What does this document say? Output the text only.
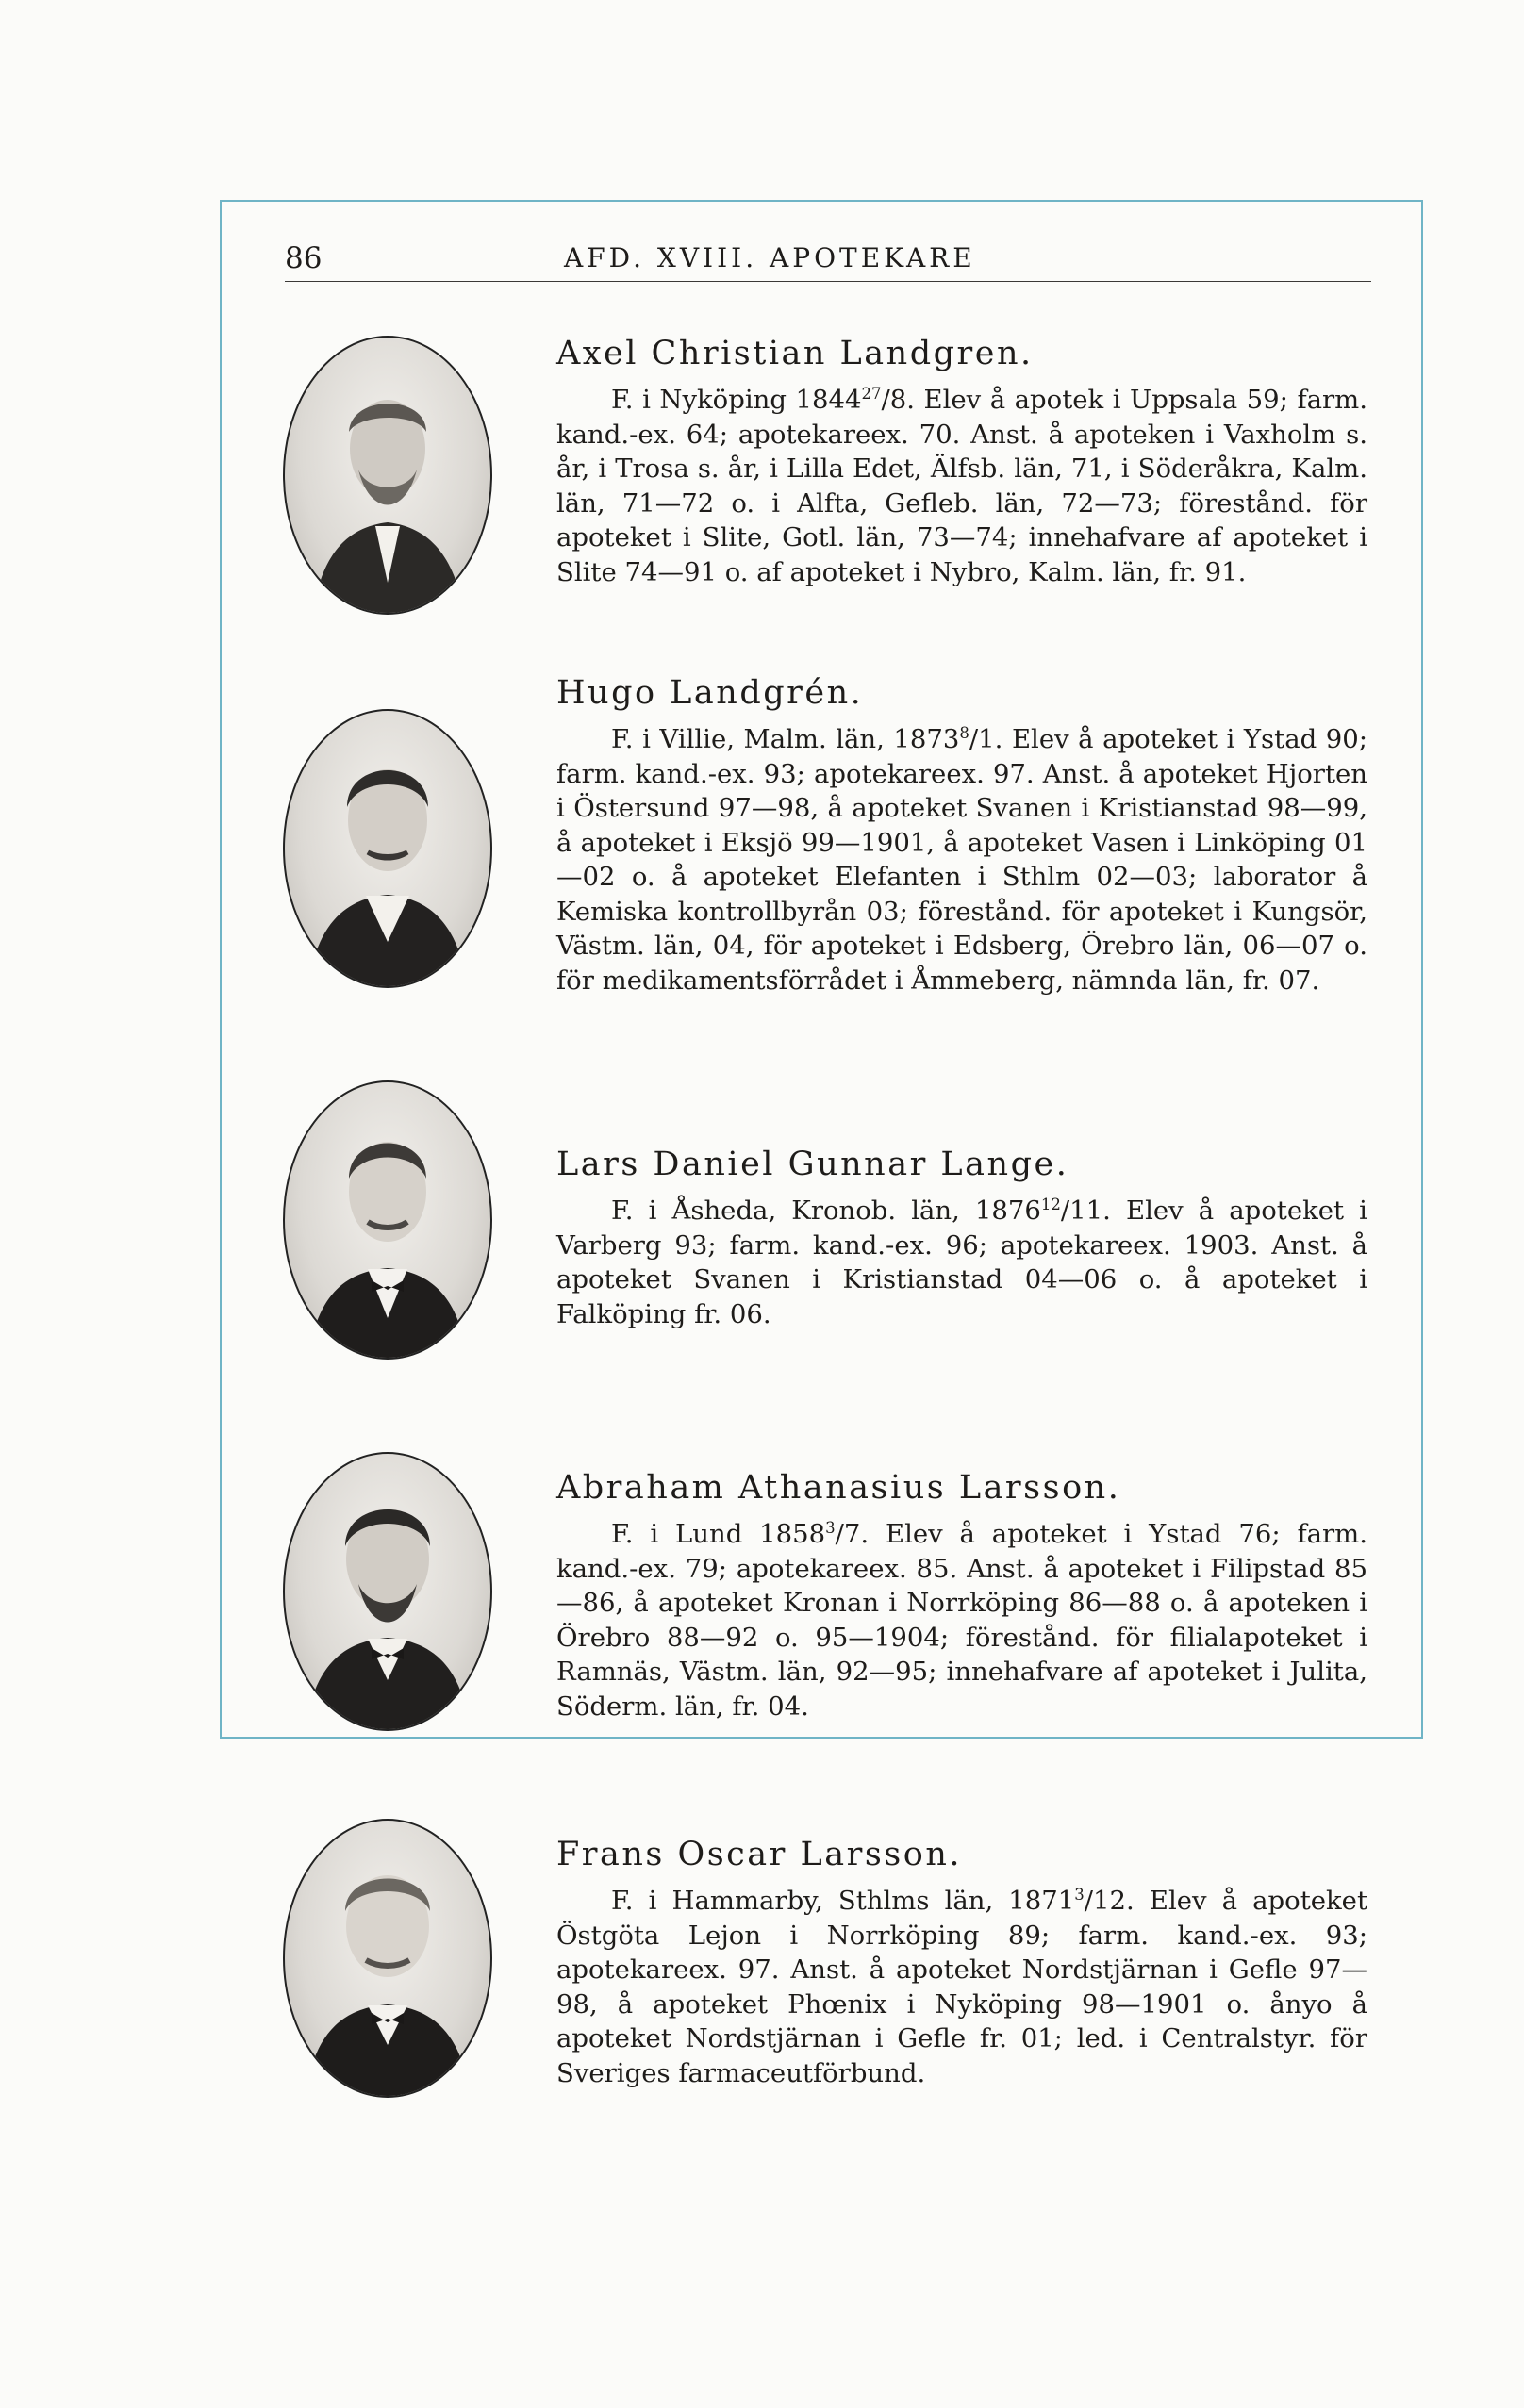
86	AFD. XVIII. APOTEKARE
Axel Christian Landgren.

F. i Nyköping 1844$^{27}$/8. Elev å apotek i Uppsala 59; farm. kand.-ex. 64; apotekareex. 70. Anst. å apoteken i Vaxholm s. år, i Trosa s. år, i Lilla Edet, Älfsb. län, 71, i Söderåkra, Kalm. län, 71—72 o. i Alfta, Gefleb. län, 72—73; förestånd. för apoteket i Slite, Gotl. län, 73—74; innehafvare af apoteket i Slite 74—91 o. af apoteket i Nybro, Kalm. län, fr. 91.

Hugo Landgrén.

F. i Villie, Malm. län, 1873$^8$/1. Elev å apoteket i Ystad 90; farm. kand.-ex. 93; apotekareex. 97. Anst. å apoteket Hjorten i Östersund 97—98, å apoteket Svanen i Kristianstad 98—99, å apoteket i Eksjö 99—1901, å apoteket Vasen i Linköping 01—02 o. å apoteket Elefanten i Sthlm 02—03; laborator å Kemiska kontrollbyrån 03; förestånd. för apoteket i Kungsör, Västm. län, 04, för apoteket i Edsberg, Örebro län, 06—07 o. för medikamentsförrådet i Åmmeberg, nämnda län, fr. 07.

Lars Daniel Gunnar Lange.

F. i Åsheda, Kronob. län, 1876$^{12}$/11. Elev å apoteket i Varberg 93; farm. kand.-ex. 96; apotekareex. 1903. Anst. å apoteket Svanen i Kristianstad 04—06 o. å apoteket i Falköping fr. 06.

Abraham Athanasius Larsson.

F. i Lund 1858$^3$/7. Elev å apoteket i Ystad 76; farm. kand.-ex. 79; apotekareex. 85. Anst. å apoteket i Filipstad 85—86, å apoteket Kronan i Norrköping 86—88 o. å apoteken i Örebro 88—92 o. 95—1904; förestånd. för filialapoteket i Ramnäs, Västm. län, 92—95; innehafvare af apoteket i Julita, Söderm. län, fr. 04.

Frans Oscar Larsson.

F. i Hammarby, Sthlms län, 1871$^3$/12. Elev å apoteket Östgöta Lejon i Norrköping 89; farm. kand.-ex. 93; apotekareex. 97. Anst. å apoteket Nordstjärnan i Gefle 97—98, å apoteket Phœnix i Nyköping 98—1901 o. ånyo å apoteket Nordstjärnan i Gefle fr. 01; led. i Centralstyr. för Sveriges farmaceutförbund.
